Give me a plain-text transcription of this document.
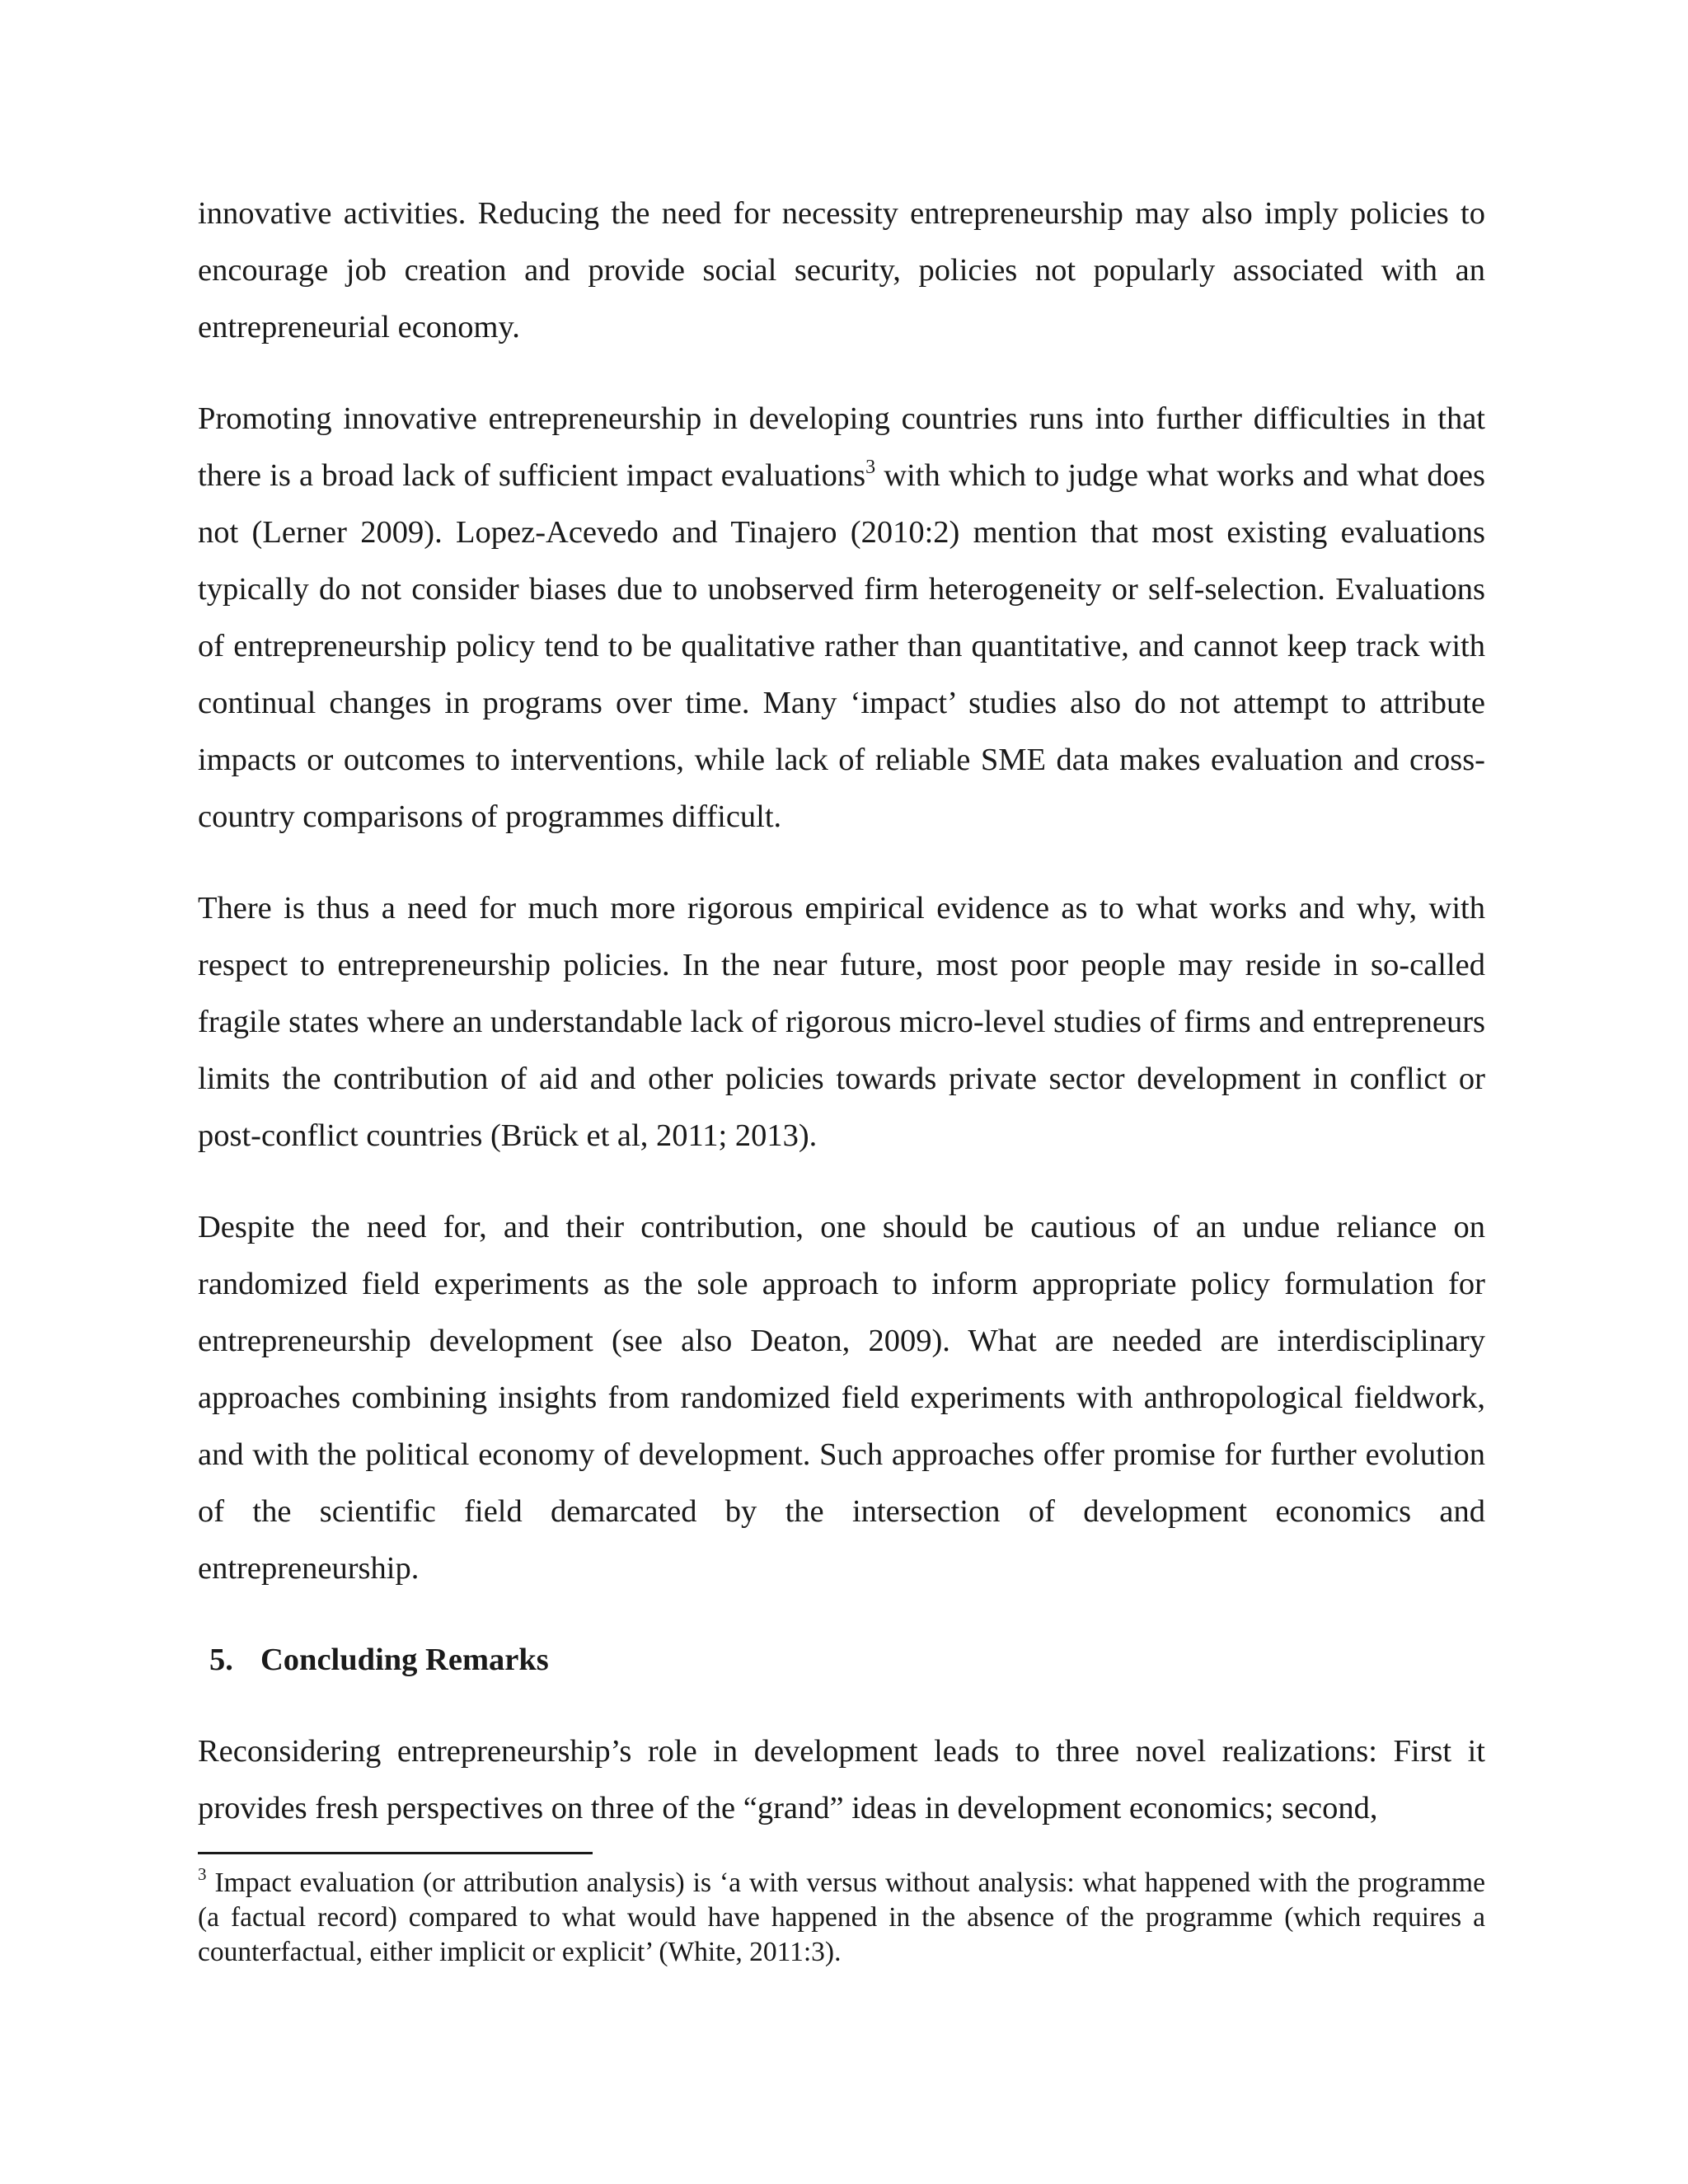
innovative activities. Reducing the need for necessity entrepreneurship may also imply policies to encourage job creation and provide social security, policies not popularly associated with an entrepreneurial economy.

Promoting innovative entrepreneurship in developing countries runs into further difficulties in that there is a broad lack of sufficient impact evaluations$^3$ with which to judge what works and what does not (Lerner 2009). Lopez-Acevedo and Tinajero (2010:2) mention that most existing evaluations typically do not consider biases due to unobserved firm heterogeneity or self-selection. Evaluations of entrepreneurship policy tend to be qualitative rather than quantitative, and cannot keep track with continual changes in programs over time. Many ‘impact’ studies also do not attempt to attribute impacts or outcomes to interventions, while lack of reliable SME data makes evaluation and cross-country comparisons of programmes difficult.

There is thus a need for much more rigorous empirical evidence as to what works and why, with respect to entrepreneurship policies. In the near future, most poor people may reside in so-called fragile states where an understandable lack of rigorous micro-level studies of firms and entrepreneurs limits the contribution of aid and other policies towards private sector development in conflict or post-conflict countries (Brück et al, 2011; 2013).

Despite the need for, and their contribution, one should be cautious of an undue reliance on randomized field experiments as the sole approach to inform appropriate policy formulation for entrepreneurship development (see also Deaton, 2009). What are needed are interdisciplinary approaches combining insights from randomized field experiments with anthropological fieldwork, and with the political economy of development. Such approaches offer promise for further evolution of the scientific field demarcated by the intersection of development economics and entrepreneurship.

5. Concluding Remarks

Reconsidering entrepreneurship’s role in development leads to three novel realizations: First it provides fresh perspectives on three of the “grand” ideas in development economics; second,

$^3$ Impact evaluation (or attribution analysis) is ‘a with versus without analysis: what happened with the programme (a factual record) compared to what would have happened in the absence of the programme (which requires a counterfactual, either implicit or explicit’ (White, 2011:3).
